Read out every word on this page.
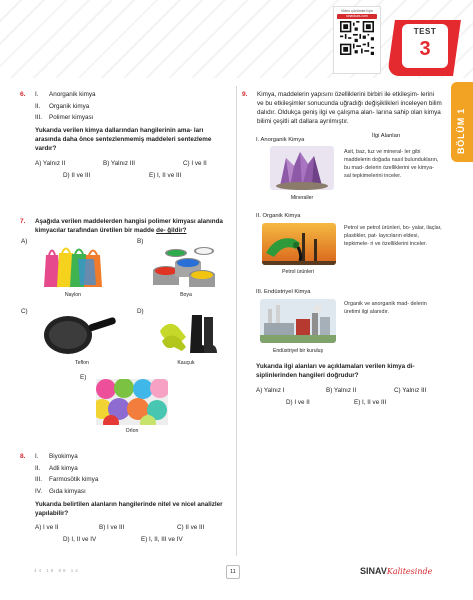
Video çözümleri için
sinavkurs.com
TEST
3
BÖLÜM 1
6. I.	Anorganik kimya
II.	Organik kimya
III.	Polimer kimyası
Yukarıda verilen kimya dallarından hangilerinin ama- ları arasında daha önce sentezlenmemiş maddeleri sentezleme vardır?
A) Yalnız II	B) Yalnız III	C) I ve II
D) II ve III	E) I, II ve III
7. Aşağıda verilen maddelerden hangisi polimer kimyası alanında kimyacılar tarafından üretilen bir madde de- ğildir?
A)
Naylon
B)
Boya
C)
Teflon
D)
Kauçuk
E)
Orlon
8. I.	Biyokimya
II.	Adli kimya
III.	Farmosötik kimya
IV.	Gıda kimyası
Yukarıda belirtilen alanların hangilerinde nitel ve nicel analizler yapılabilir?
A) I ve II	B) I ve III	C) II ve III
D) I, II ve IV	E) I, II, III ve IV
9. Kimya, maddelerin yapısını özelliklerini birbiri ile etkileşim- lerini ve bu etkileşimler sonucunda uğradığı değişiklikleri inceleyen bilim dalıdır. Oldukça geniş ilgi ve çalışma alan- larına sahip olan kimya bilimi çeşitli alt dallara ayrılmıştır.
İlgi Alanları
I. Anorganik Kimya
Mineraller
Asit, baz, tuz ve mineral- ler gibi maddelerin doğada nasıl bulundukların, bu mad- delerin özelliklerini ve kimya- sal tepkimelerini inceler.
II. Organik Kimya
Petrol ürünleri
Petrol ve petrol ürünleri, bo- yalar, ilaçlar, plastikler, pat- layıcıların eldesi, tepkimele- ri ve özelliklerini inceler.
III. Endüstriyel Kimya
Endüstriyel bir kuruluş
Organik ve anorganik mad- delerin üretimi ilgi alanıdır.
Yukarıda ilgi alanları ve açıklamaları verilen kimya di- siplinlerinden hangileri doğrudur?
A) Yalnız I	B) Yalnız II	C) Yalnız III
D) I ve II	E) I, II ve III
44 18 88 14	11	SINAVKalitesinde
